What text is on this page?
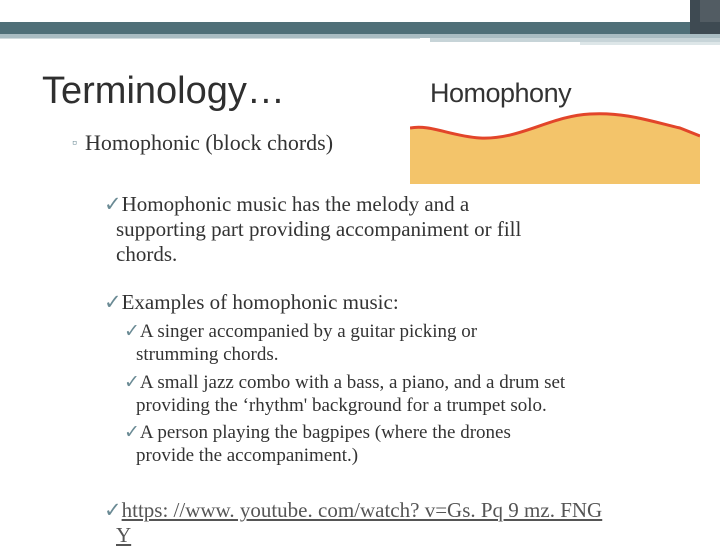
Terminology…	Homophony
▫ Homophonic (block chords)
✓Homophonic music has the melody and a
supporting part providing accompaniment or fill
chords.
✓Examples of homophonic music:
✓A singer accompanied by a guitar picking or
strumming chords.
✓A small jazz combo with a bass, a piano, and a drum set
providing the ‘rhythm' background for a trumpet solo.
✓A person playing the bagpipes (where the drones
provide the accompaniment.)
✓https: //www. youtube. com/watch? v=Gs. Pq 9 mz. FNG
Y
